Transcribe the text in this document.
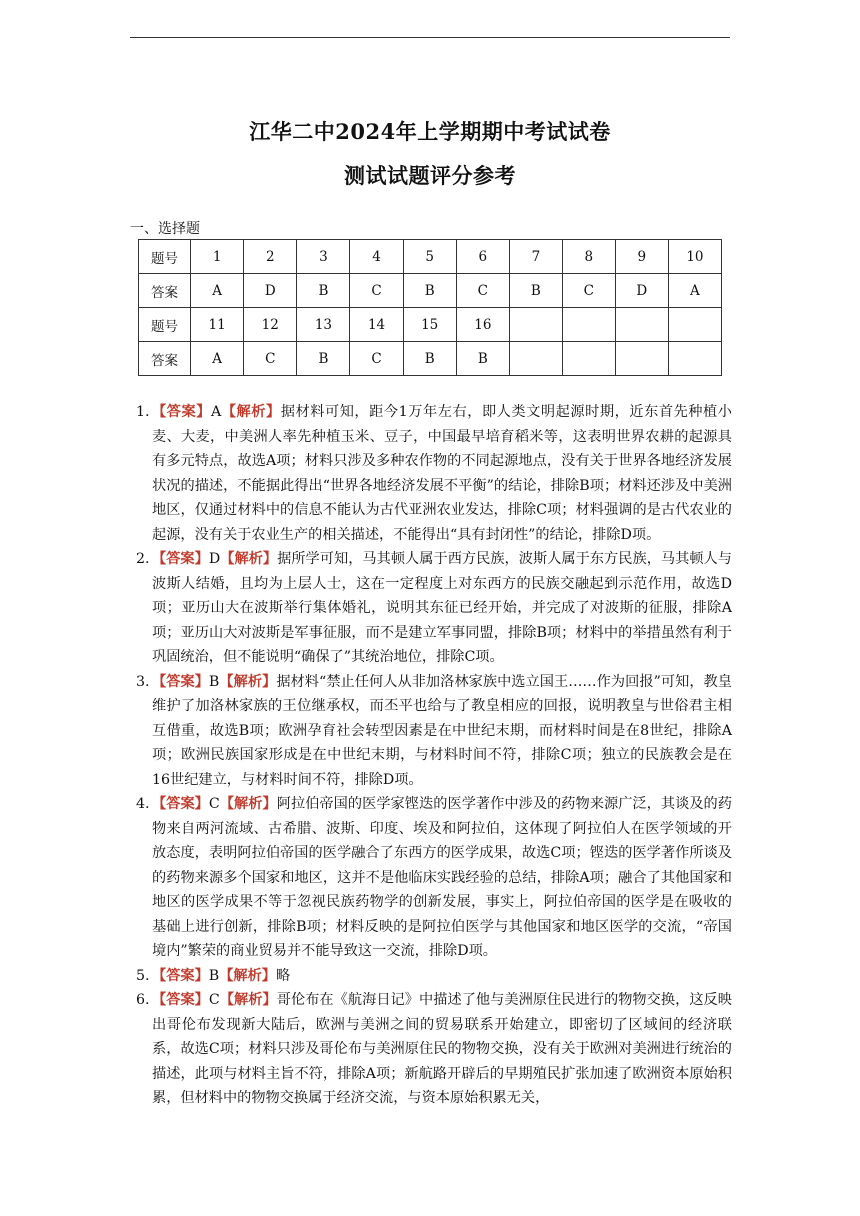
江华二中2024年上学期期中考试试卷
测试试题评分参考
一、选择题
题号	1	2	3	4	5	6	7	8	9	10
答案	A	D	B	C	B	C	B	C	D	A
题号	11	12	13	14	15	16				
答案	A	C	B	C	B	B				
1. 【答案】A【解析】据材料可知，距今1万年左右，即人类文明起源时期，近东首先种植小麦、大麦，中美洲人率先种植玉米、豆子，中国最早培育稻米等，这表明世界农耕的起源具有多元特点，故选A项；材料只涉及多种农作物的不同起源地点，没有关于世界各地经济发展状况的描述，不能据此得出“世界各地经济发展不平衡”的结论，排除B项；材料还涉及中美洲地区，仅通过材料中的信息不能认为古代亚洲农业发达，排除C项；材料强调的是古代农业的起源，没有关于农业生产的相关描述，不能得出“具有封闭性”的结论，排除D项。
2. 【答案】D【解析】据所学可知，马其顿人属于西方民族，波斯人属于东方民族，马其顿人与波斯人结婚，且均为上层人士，这在一定程度上对东西方的民族交融起到示范作用，故选D项；亚历山大在波斯举行集体婚礼，说明其东征已经开始，并完成了对波斯的征服，排除A项；亚历山大对波斯是军事征服，而不是建立军事同盟，排除B项；材料中的举措虽然有利于巩固统治，但不能说明“确保了”其统治地位，排除C项。
3. 【答案】B【解析】据材料“禁止任何人从非加洛林家族中选立国王……作为回报”可知，教皇维护了加洛林家族的王位继承权，而丕平也给与了教皇相应的回报，说明教皇与世俗君主相互借重，故选B项；欧洲孕育社会转型因素是在中世纪末期，而材料时间是在8世纪，排除A项；欧洲民族国家形成是在中世纪末期，与材料时间不符，排除C项；独立的民族教会是在16世纪建立，与材料时间不符，排除D项。
4. 【答案】C【解析】阿拉伯帝国的医学家铿迭的医学著作中涉及的药物来源广泛，其谈及的药物来自两河流域、古希腊、波斯、印度、埃及和阿拉伯，这体现了阿拉伯人在医学领域的开放态度，表明阿拉伯帝国的医学融合了东西方的医学成果，故选C项；铿迭的医学著作所谈及的药物来源多个国家和地区，这并不是他临床实践经验的总结，排除A项；融合了其他国家和地区的医学成果不等于忽视民族药物学的创新发展，事实上，阿拉伯帝国的医学是在吸收的基础上进行创新，排除B项；材料反映的是阿拉伯医学与其他国家和地区医学的交流，“帝国境内”繁荣的商业贸易并不能导致这一交流，排除D项。
5. 【答案】B【解析】略
6. 【答案】C【解析】哥伦布在《航海日记》中描述了他与美洲原住民进行的物物交换，这反映出哥伦布发现新大陆后，欧洲与美洲之间的贸易联系开始建立，即密切了区域间的经济联系，故选C项；材料只涉及哥伦布与美洲原住民的物物交换，没有关于欧洲对美洲进行统治的描述，此项与材料主旨不符，排除A项；新航路开辟后的早期殖民扩张加速了欧洲资本原始积累，但材料中的物物交换属于经济交流，与资本原始积累无关，
